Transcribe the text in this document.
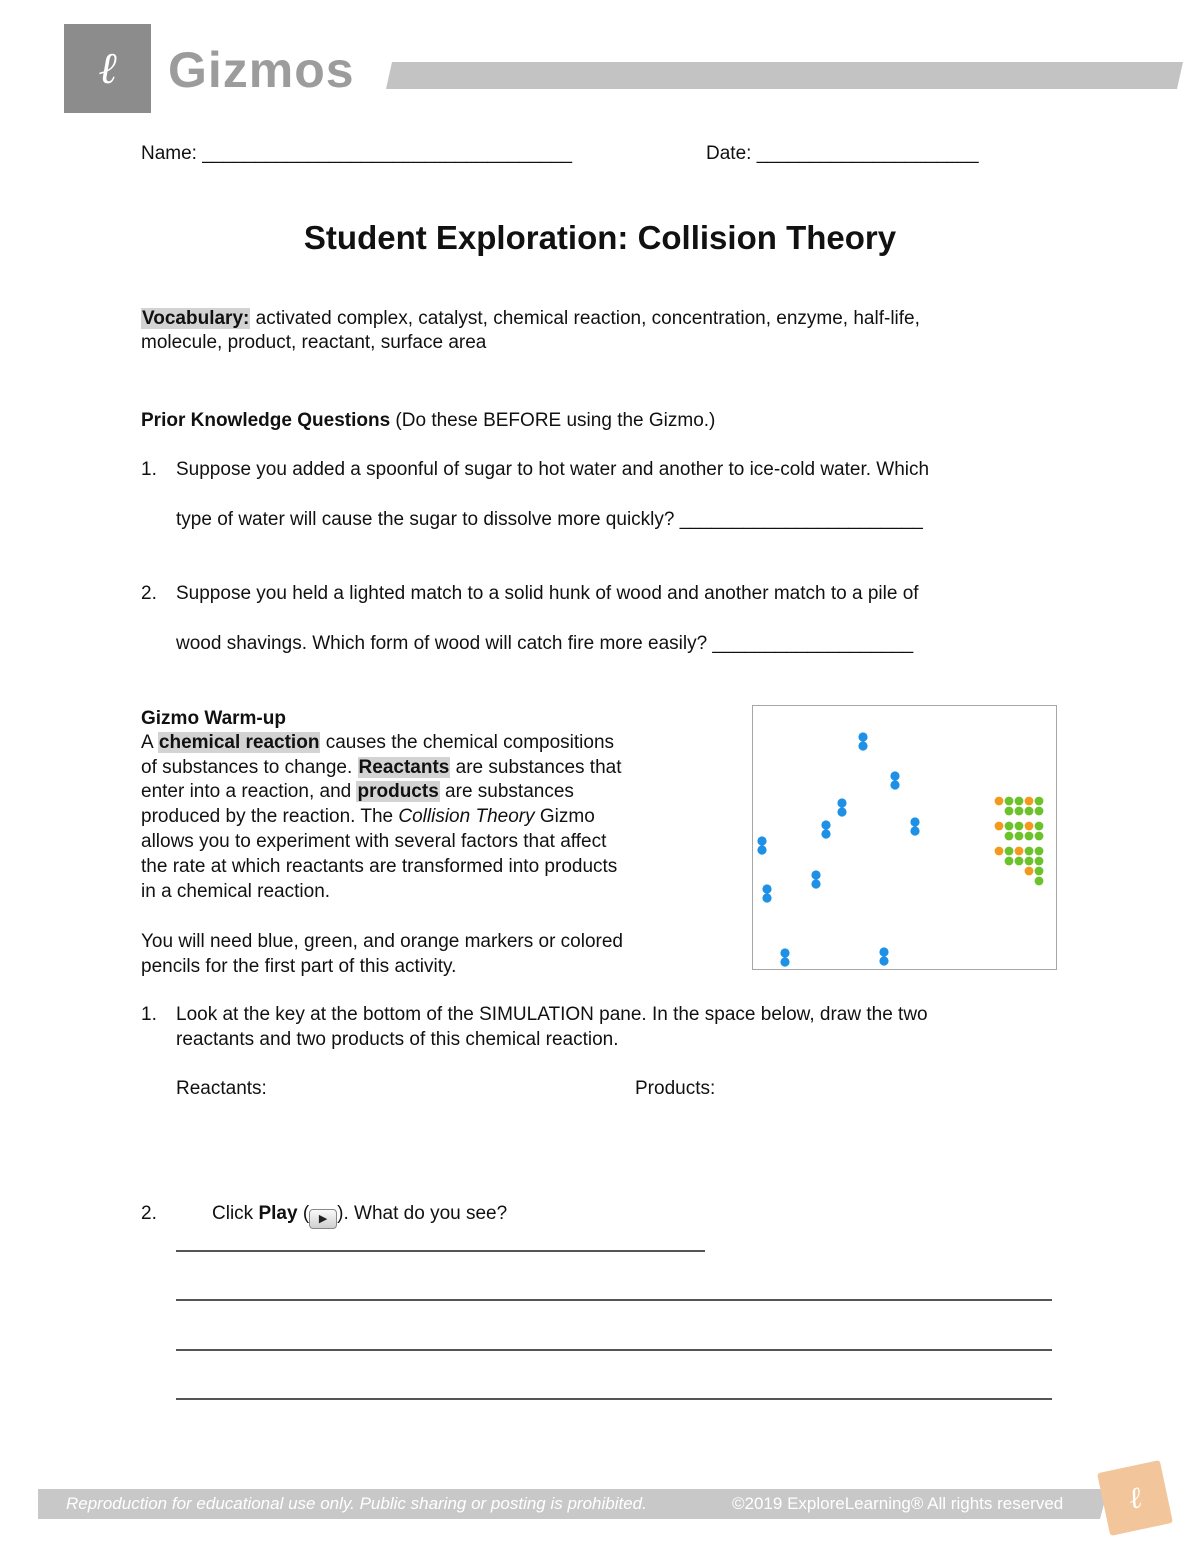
ℓ	Gizmos
Name: ___________________________________	Date: _____________________
Student Exploration: Collision Theory
Vocabulary: activated complex, catalyst, chemical reaction, concentration, enzyme, half-life,
molecule, product, reactant, surface area
Prior Knowledge Questions (Do these BEFORE using the Gizmo.)
1. Suppose you added a spoonful of sugar to hot water and another to ice-cold water. Which
type of water will cause the sugar to dissolve more quickly? _______________________
2. Suppose you held a lighted match to a solid hunk of wood and another match to a pile of
wood shavings. Which form of wood will catch fire more easily? ___________________
Gizmo Warm-up
A chemical reaction causes the chemical compositions
of substances to change. Reactants are substances that
enter into a reaction, and products are substances
produced by the reaction. The Collision Theory Gizmo
allows you to experiment with several factors that affect
the rate at which reactants are transformed into products
in a chemical reaction.
You will need blue, green, and orange markers or colored
pencils for the first part of this activity.
1. Look at the key at the bottom of the SIMULATION pane. In the space below, draw the two
reactants and two products of this chemical reaction.
Reactants:	Products:
2.	Click Play ( ▶ ). What do you see?
Reproduction for educational use only. Public sharing or posting is prohibited.	©2019 ExploreLearning® All rights reserved	ℓ
